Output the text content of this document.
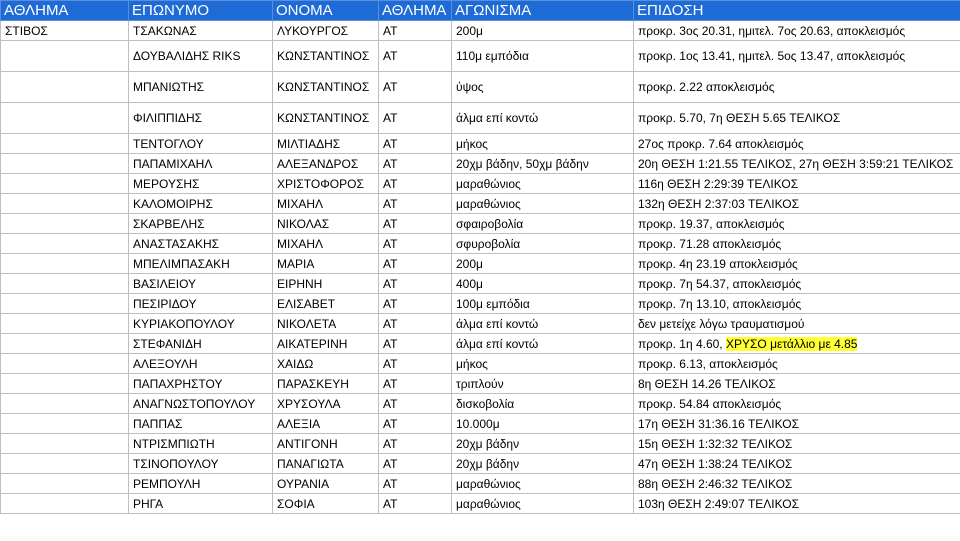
ΑΘΛΗΜΑ	ΕΠΩΝΥΜΟ	ΟΝΟΜΑ	ΑΘΛΗΜΑ	ΑΓΩΝΙΣΜΑ	ΕΠΙΔΟΣΗ
ΣΤΙΒΟΣ	ΤΣΑΚΩΝΑΣ	ΛΥΚΟΥΡΓΟΣ	ΑΤ	200μ	προκρ. 3ος 20.31, ημιτελ. 7ος 20.63, αποκλεισμός
	ΔΟΥΒΑΛΙΔΗΣ RIKS	ΚΩΝΣΤΑΝΤΙΝΟΣ	ΑΤ	110μ εμπόδια	προκρ. 1ος 13.41, ημιτελ. 5ος 13.47, αποκλεισμός
	ΜΠΑΝΙΩΤΗΣ	ΚΩΝΣΤΑΝΤΙΝΟΣ	ΑΤ	ύψος	προκρ. 2.22 αποκλεισμός
	ΦΙΛΙΠΠΙΔΗΣ	ΚΩΝΣΤΑΝΤΙΝΟΣ	ΑΤ	άλμα επί κοντώ	προκρ. 5.70, 7η ΘΕΣΗ 5.65 ΤΕΛΙΚΟΣ
	ΤΕΝΤΟΓΛΟΥ	ΜΙΛΤΙΑΔΗΣ	ΑΤ	μήκος	27ος προκρ. 7.64 αποκλεισμός
	ΠΑΠΑΜΙΧΑΗΛ	ΑΛΕΞΑΝΔΡΟΣ	ΑΤ	20χμ βάδην, 50χμ βάδην	20η ΘΕΣΗ 1:21.55 ΤΕΛΙΚΟΣ, 27η ΘΕΣΗ 3:59:21 ΤΕΛΙΚΟΣ
	ΜΕΡΟΥΣΗΣ	ΧΡΙΣΤΟΦΟΡΟΣ	ΑΤ	μαραθώνιος	116η ΘΕΣΗ 2:29:39 ΤΕΛΙΚΟΣ
	ΚΑΛΟΜΟΙΡΗΣ	ΜΙΧΑΗΛ	ΑΤ	μαραθώνιος	132η ΘΕΣΗ 2:37:03 ΤΕΛΙΚΟΣ
	ΣΚΑΡΒΕΛΗΣ	ΝΙΚΟΛΑΣ	ΑΤ	σφαιροβολία	προκρ. 19.37, αποκλεισμός
	ΑΝΑΣΤΑΣΑΚΗΣ	ΜΙΧΑΗΛ	ΑΤ	σφυροβολία	προκρ. 71.28 αποκλεισμός
	ΜΠΕΛΙΜΠΑΣΑΚΗ	ΜΑΡΙΑ	ΑΤ	200μ	προκρ. 4η 23.19 αποκλεισμός
	ΒΑΣΙΛΕΙΟΥ	ΕΙΡΗΝΗ	ΑΤ	400μ	προκρ. 7η 54.37, αποκλεισμός
	ΠΕΣΙΡΙΔΟΥ	ΕΛΙΣΑΒΕΤ	ΑΤ	100μ εμπόδια	προκρ. 7η 13.10, αποκλεισμός
	ΚΥΡΙΑΚΟΠΟΥΛΟΥ	ΝΙΚΟΛΕΤΑ	ΑΤ	άλμα επί κοντώ	δεν μετείχε λόγω τραυματισμού
	ΣΤΕΦΑΝΙΔΗ	ΑΙΚΑΤΕΡΙΝΗ	ΑΤ	άλμα επί κοντώ	προκρ. 1η 4.60, ΧΡΥΣΟ μετάλλιο με 4.85
	ΑΛΕΞΟΥΛΗ	ΧΑΙΔΩ	ΑΤ	μήκος	προκρ. 6.13, αποκλεισμός
	ΠΑΠΑΧΡΗΣΤΟΥ	ΠΑΡΑΣΚΕΥΗ	ΑΤ	τριπλούν	8η ΘΕΣΗ 14.26 ΤΕΛΙΚΟΣ
	ΑΝΑΓΝΩΣΤΟΠΟΥΛΟΥ	ΧΡΥΣΟΥΛΑ	ΑΤ	δισκοβολία	προκρ. 54.84 αποκλεισμός
	ΠΑΠΠΑΣ	ΑΛΕΞΙΑ	ΑΤ	10.000μ	17η ΘΕΣΗ 31:36.16 ΤΕΛΙΚΟΣ
	ΝΤΡΙΣΜΠΙΩΤΗ	ΑΝΤΙΓΟΝΗ	ΑΤ	20χμ βάδην	15η ΘΕΣΗ 1:32:32 ΤΕΛΙΚΟΣ
	ΤΣΙΝΟΠΟΥΛΟΥ	ΠΑΝΑΓΙΩΤΑ	ΑΤ	20χμ βάδην	47η ΘΕΣΗ 1:38:24 ΤΕΛΙΚΟΣ
	ΡΕΜΠΟΥΛΗ	ΟΥΡΑΝΙΑ	ΑΤ	μαραθώνιος	88η ΘΕΣΗ 2:46:32 ΤΕΛΙΚΟΣ
	ΡΗΓΑ	ΣΟΦΙΑ	ΑΤ	μαραθώνιος	103η ΘΕΣΗ 2:49:07 ΤΕΛΙΚΟΣ
